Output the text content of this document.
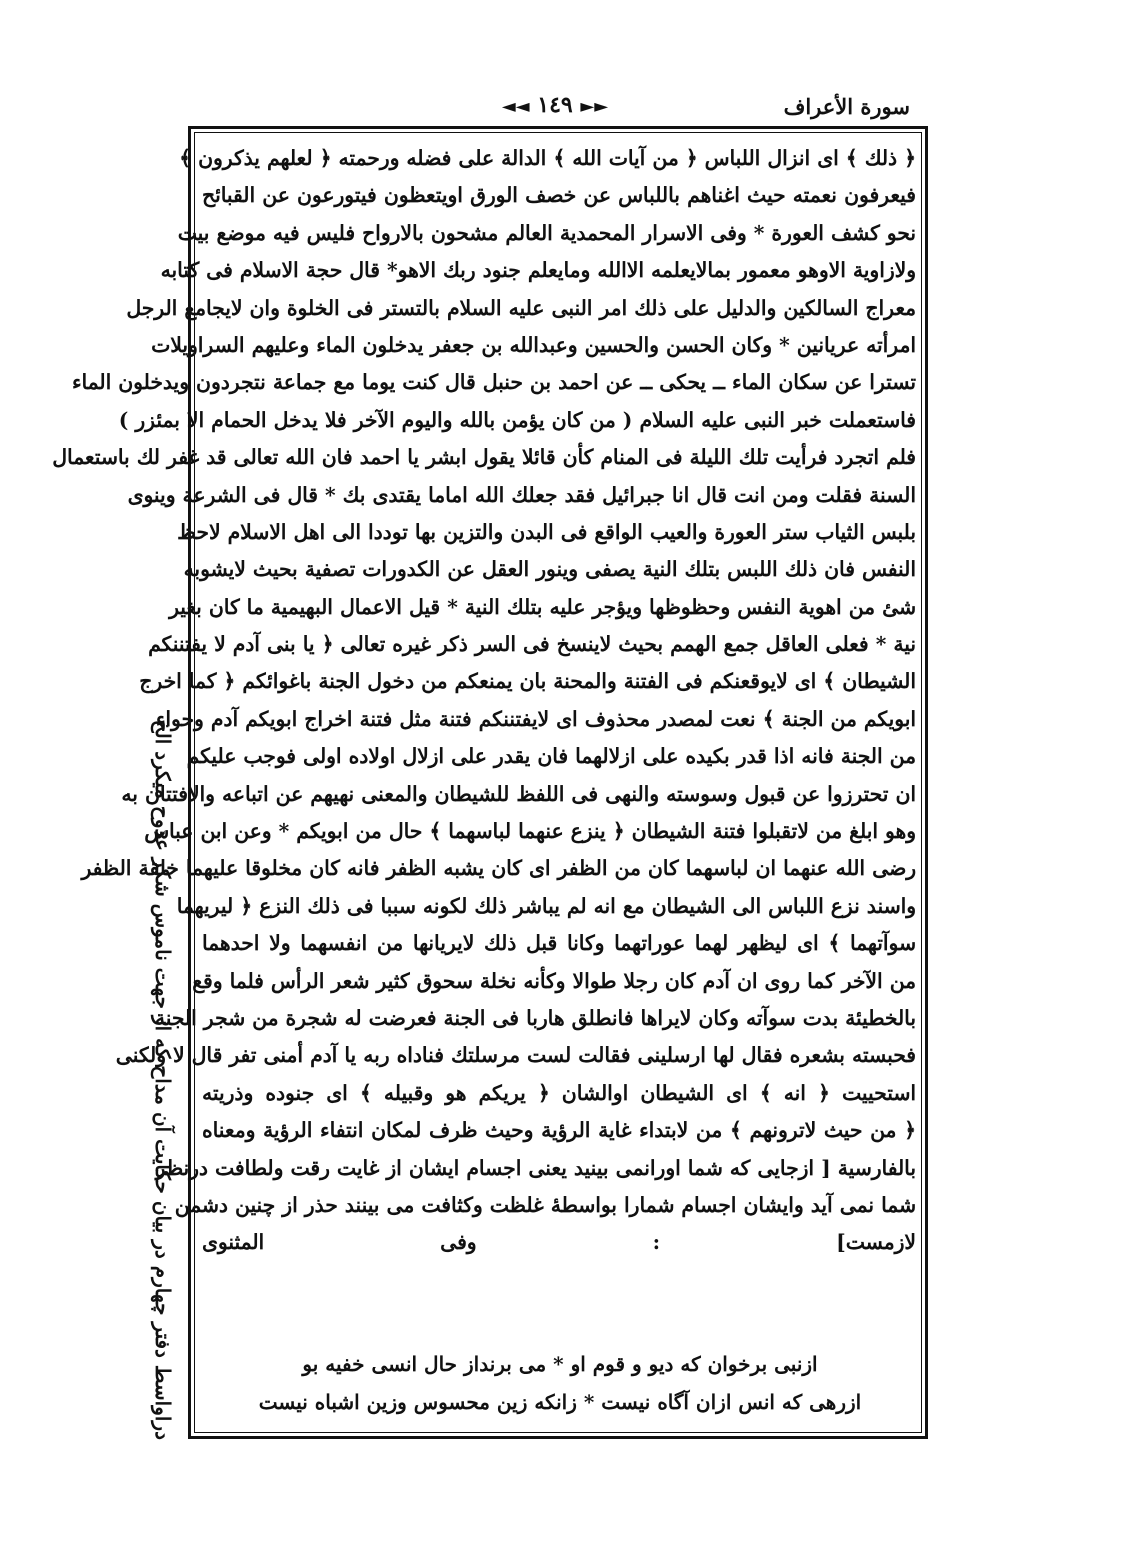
سورة الأعراف
◄◄ ١٤٩ ►►
﴿ ذلك ﴾ اى انزال اللباس ﴿ من آيات الله ﴾ الدالة على فضله ورحمته ﴿ لعلهم يذكرون ﴾
فيعرفون نعمته حيث اغناهم باللباس عن خصف الورق اويتعظون فيتورعون عن القبائح
نحو كشف العورة * وفى الاسرار المحمدية العالم مشحون بالارواح فليس فيه موضع بيت
ولازاوية الاوهو معمور بمالايعلمه الاالله ومايعلم جنود ربك الاهو* قال حجة الاسلام فى كتابه
معراج السالكين والدليل على ذلك امر النبى عليه السلام بالتستر فى الخلوة وان لايجامع الرجل
امرأته عريانين * وكان الحسن والحسين وعبدالله بن جعفر يدخلون الماء وعليهم السراويلات
تسترا عن سكان الماء ــ يحكى ــ عن احمد بن حنبل قال كنت يوما مع جماعة نتجردون ويدخلون الماء
فاستعملت خبر النبى عليه السلام ( من كان يؤمن بالله واليوم الآخر فلا يدخل الحمام الا بمئزر )
فلم اتجرد فرأيت تلك الليلة فى المنام كأن قائلا يقول ابشر يا احمد فان الله تعالى قد غفر لك باستعمال
السنة فقلت ومن انت قال انا جبرائيل فقد جعلك الله اماما يقتدى بك * قال فى الشرعة وينوى
بلبس الثياب ستر العورة والعيب الواقع فى البدن والتزين بها توددا الى اهل الاسلام لاحظ
النفس فان ذلك اللبس بتلك النية يصفى وينور العقل عن الكدورات تصفية بحيث لايشوبه
شئ من اهوية النفس وحظوظها ويؤجر عليه بتلك النية * قيل الاعمال البهيمية ما كان بغير
نية * فعلى العاقل جمع الهمم بحيث لاينسخ فى السر ذكر غيره تعالى ﴿ يا بنى آدم لا يفتننكم
الشيطان ﴾ اى لايوقعنكم فى الفتنة والمحنة بان يمنعكم من دخول الجنة باغوائكم ﴿ كما اخرج
ابويكم من الجنة ﴾ نعت لمصدر محذوف اى لايفتننكم فتنة مثل فتنة اخراج ابويكم آدم وحواء
من الجنة فانه اذا قدر بكيده على ازلالهما فان يقدر على ازلال اولاده اولى فوجب عليكم
ان تحترزوا عن قبول وسوسته والنهى فى اللفظ للشيطان والمعنى نهيهم عن اتباعه والافتتان به
وهو ابلغ من لاتقبلوا فتنة الشيطان ﴿ ينزع عنهما لباسهما ﴾ حال من ابويكم * وعن ابن عباس
رضى الله عنهما ان لباسهما كان من الظفر اى كان يشبه الظفر فانه كان مخلوقا عليهما خلقة الظفر
واسند نزع اللباس الى الشيطان مع انه لم يباشر ذلك لكونه سببا فى ذلك النزع ﴿ ليريهما
سوآتهما ﴾ اى ليظهر لهما عوراتهما وكانا قبل ذلك لايريانها من انفسهما ولا احدهما
من الآخر كما روى ان آدم كان رجلا طوالا وكأنه نخلة سحوق كثير شعر الرأس فلما وقع
بالخطيئة بدت سوآته وكان لايراها فانطلق هاربا فى الجنة فعرضت له شجرة من شجر الجنة
فحبسته بشعره فقال لها ارسلينى فقالت لست مرسلتك فناداه ربه يا آدم أمنى تفر قال لا ولكنى
استحييت ﴿ انه ﴾ اى الشيطان اوالشان ﴿ يريكم هو وقبيله ﴾ اى جنوده وذريته
﴿ من حيث لاترونهم ﴾ من لابتداء غاية الرؤية وحيث ظرف لمكان انتفاء الرؤية ومعناه
بالفارسية [ ازجايى كه شما اورانمى بينيد يعنى اجسام ايشان از غايت رقت ولطافت درنظر
شما نمى آيد وايشان اجسام شمارا بواسطهٔ غلظت وكثافت مى بينند حذر از چنين دشمن
لازمست] : وفى المثنوى
ازنبى برخوان كه ديو و قوم او * مى برنداز حال انسى خفيه بو
ازرهى كه انس ازان آگاه نيست * زانكه زين محسوس وزين اشباه نيست
دراواسط دفتر چهارم در بيان حكايت آن مداح كه از جهت ناموس شكر عدوح ميكرد الخ
